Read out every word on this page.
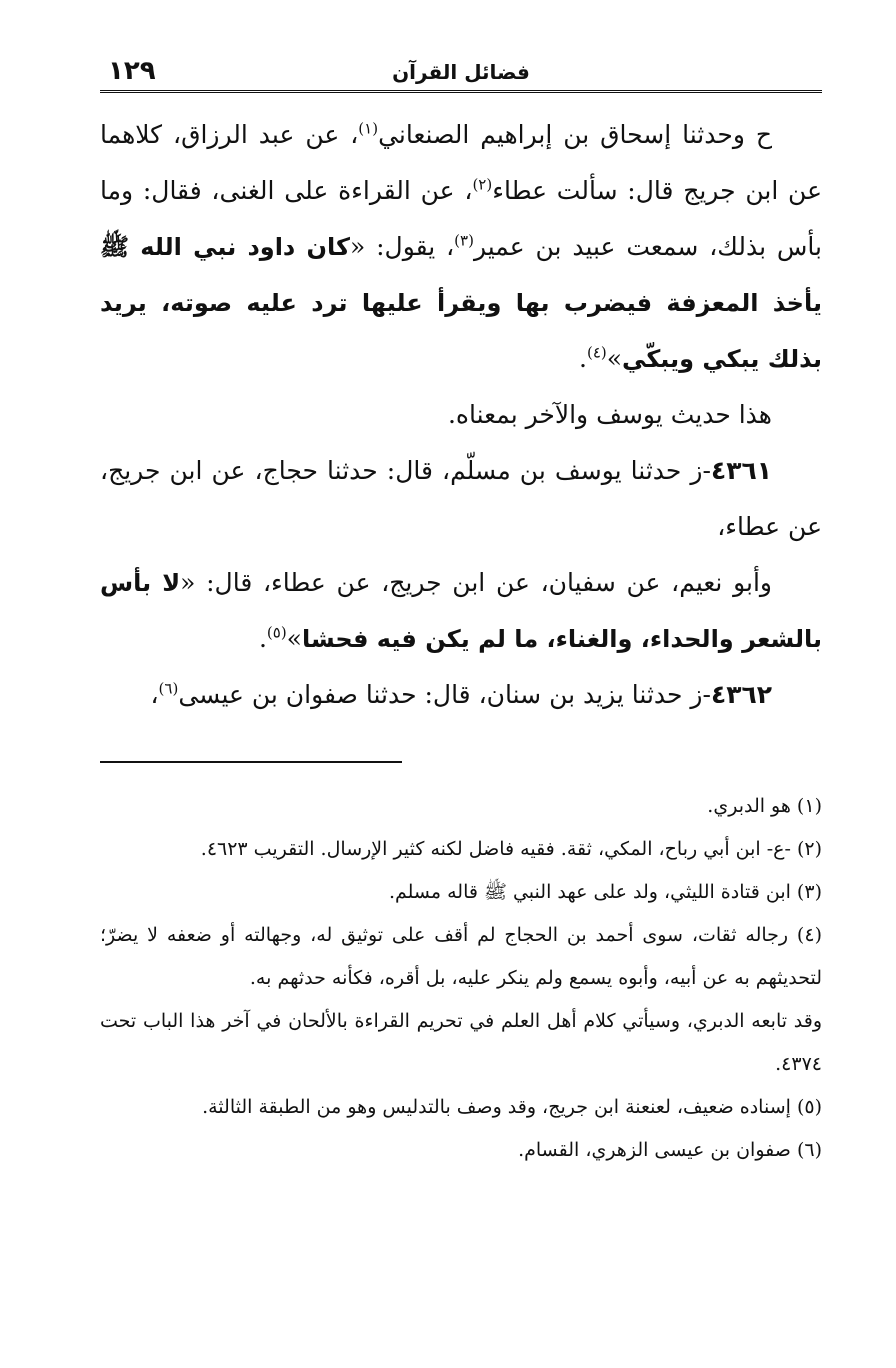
فضائل القرآن
١٢٩

ح وحدثنا إسحاق بن إبراهيم الصنعاني$^{(١)}$، عن عبد الرزاق، كلاهما عن ابن جريج قال: سألت عطاء$^{(٢)}$، عن القراءة على الغنى، فقال: وما بأس بذلك، سمعت عبيد بن عمير$^{(٣)}$، يقول: «كان داود نبي الله ﷺ يأخذ المعزفة فيضرب بها ويقرأ عليها ترد عليه صوته، يريد بذلك يبكي ويبكّي»$^{(٤)}$.

هذا حديث يوسف والآخر بمعناه.

٤٣٦١-ز حدثنا يوسف بن مسلّم، قال: حدثنا حجاج، عن ابن جريج، عن عطاء،

وأبو نعيم، عن سفيان، عن ابن جريج، عن عطاء، قال: «لا بأس بالشعر والحداء، والغناء، ما لم يكن فيه فحشا»$^{(٥)}$.

٤٣٦٢-ز حدثنا يزيد بن سنان، قال: حدثنا صفوان بن عيسى$^{(٦)}$،

(١) هو الدبري.

(٢) -ع- ابن أبي رباح، المكي، ثقة. فقيه فاضل لكنه كثير الإرسال. التقريب ٤٦٢٣.

(٣) ابن قتادة الليثي، ولد على عهد النبي ﷺ قاله مسلم.

(٤) رجاله ثقات، سوى أحمد بن الحجاج لم أقف على توثيق له، وجهالته أو ضعفه لا يضرّ؛ لتحديثهم به عن أبيه، وأبوه يسمع ولم ينكر عليه، بل أقره، فكأنه حدثهم به.

وقد تابعه الدبري، وسيأتي كلام أهل العلم في تحريم القراءة بالألحان في آخر هذا الباب تحت ٤٣٧٤.

(٥) إسناده ضعيف، لعنعنة ابن جريج، وقد وصف بالتدليس وهو من الطبقة الثالثة.

(٦) صفوان بن عيسى الزهري، القسام.
